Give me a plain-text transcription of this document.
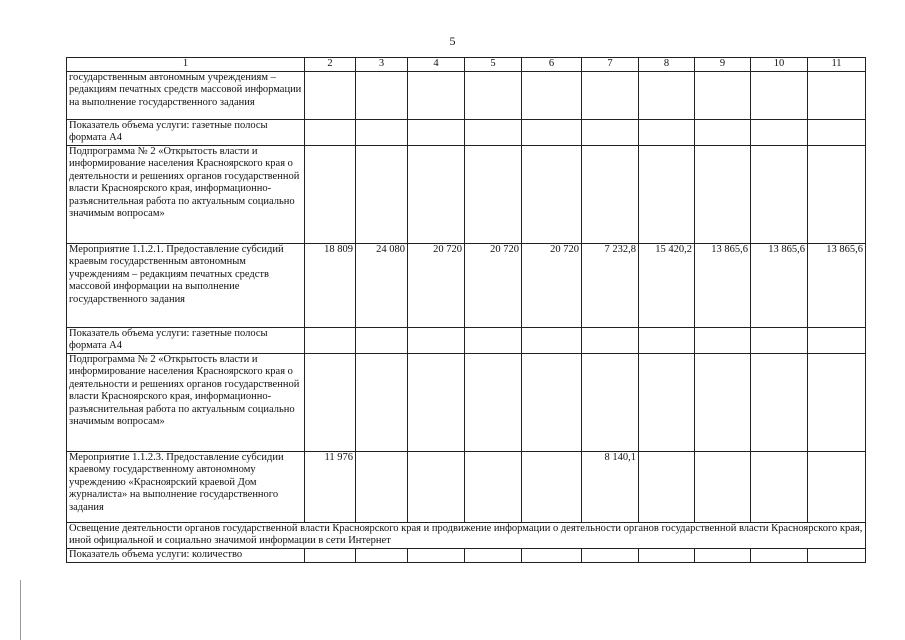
5
1	2	3	4	5	6	7	8	9	10	11
государственным автономным учреждениям – редакциям печатных средств массовой информации на выполнение государственного задания										
Показатель объема услуги: газетные полосы формата А4										
Подпрограмма № 2 «Открытость власти и информирование населения Красноярского края о деятельности и решениях органов государственной власти Красноярского края, информационно-разъяснительная работа по актуальным социально значимым вопросам»										
Мероприятие 1.1.2.1. Предоставление субсидий краевым государственным автономным учреждениям – редакциям печатных средств массовой информации на выполнение государственного задания	18 809	24 080	20 720	20 720	20 720	7 232,8	15 420,2	13 865,6	13 865,6	13 865,6
Показатель объема услуги: газетные полосы формата А4										
Подпрограмма № 2 «Открытость власти и информирование населения Красноярского края о деятельности и решениях органов государственной власти Красноярского края, информационно-разъяснительная работа по актуальным социально значимым вопросам»										
Мероприятие 1.1.2.3. Предоставление субсидии краевому государственному автономному учреждению «Красноярский краевой Дом журналиста» на выполнение государственного задания	11 976					8 140,1				
Освещение деятельности органов государственной власти Красноярского края и продвижение информации о деятельности органов государственной власти Красноярского края, иной официальной и социально значимой информации в сети Интернет										
Показатель объема услуги: количество										
